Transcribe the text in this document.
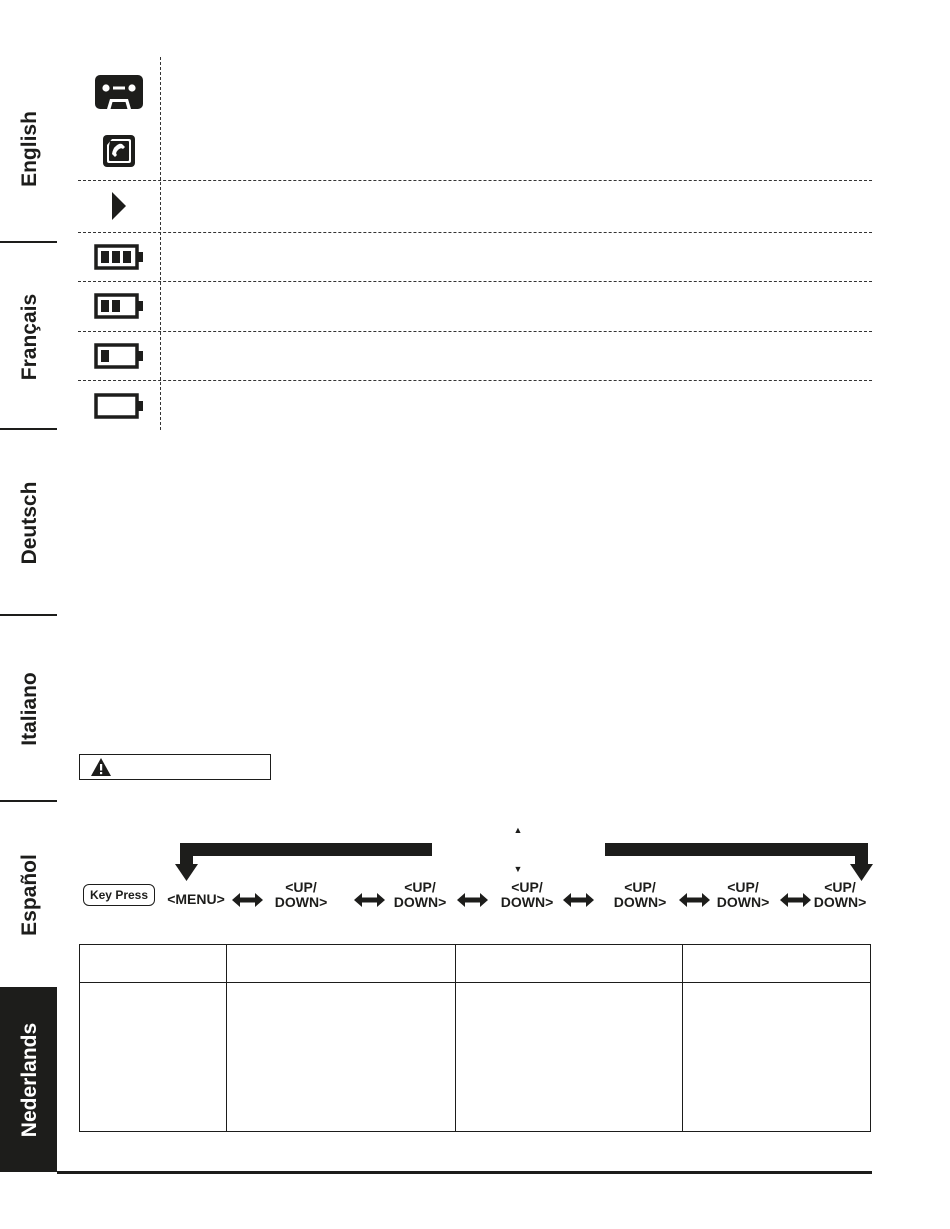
English
Français
Deutsch
Italiano
Español
Nederlands
▲
▼
Key Press	<MENU>
<UP/
DOWN>
<UP/
DOWN>
<UP/
DOWN>
<UP/
DOWN>
<UP/
DOWN>
<UP/
DOWN>
